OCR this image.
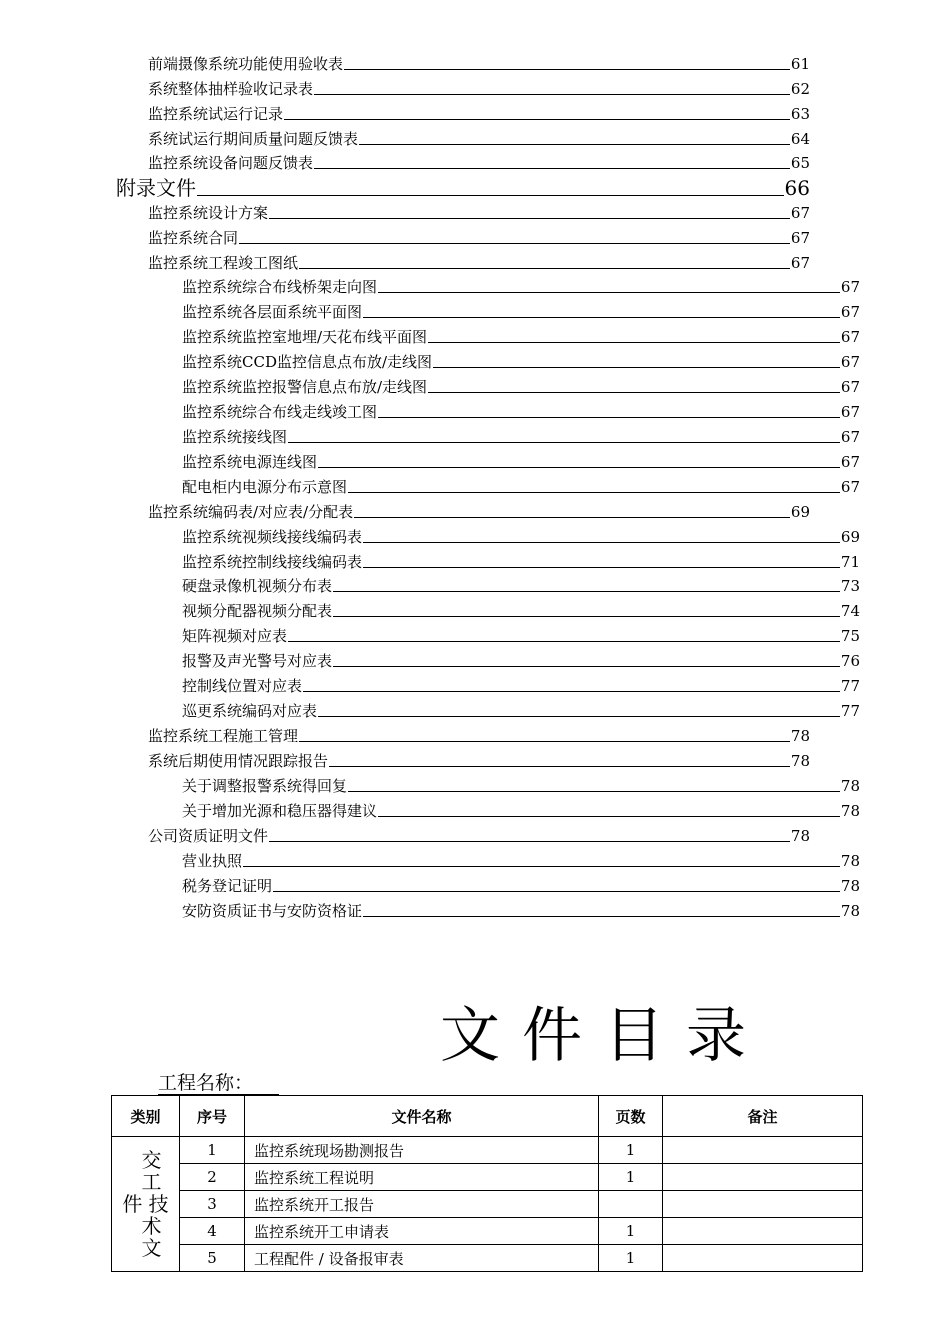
前端摄像系统功能使用验收表	61
系统整体抽样验收记录表	62
监控系统试运行记录	63
系统试运行期间质量问题反馈表	64
监控系统设备问题反馈表	65
附录文件	66
监控系统设计方案	67
监控系统合同	67
监控系统工程竣工图纸	67
监控系统综合布线桥架走向图	67
监控系统各层面系统平面图	67
监控系统监控室地埋/天花布线平面图	67
监控系统CCD监控信息点布放/走线图	67
监控系统监控报警信息点布放/走线图	67
监控系统综合布线走线竣工图	67
监控系统接线图	67
监控系统电源连线图	67
配电柜内电源分布示意图	67
监控系统编码表/对应表/分配表	69
监控系统视频线接线编码表	69
监控系统控制线接线编码表	71
硬盘录像机视频分布表	73
视频分配器视频分配表	74
矩阵视频对应表	75
报警及声光警号对应表	76
控制线位置对应表	77
巡更系统编码对应表	77
监控系统工程施工管理	78
系统后期使用情况跟踪报告	78
关于调整报警系统得回复	78
关于增加光源和稳压器得建议	78
公司资质证明文件	78
营业执照	78
税务登记证明	78
安防资质证书与安防资格证	78
文件目录
工程名称：
类别	序号	文件名称	页数	备注

交
工
件 技
术
文	1	监控系统现场勘测报告	1	
	2	监控系统工程说明	1	
	3	监控系统开工报告		
	4	监控系统开工申请表	1	
	5	工程配件 / 设备报审表	1	
